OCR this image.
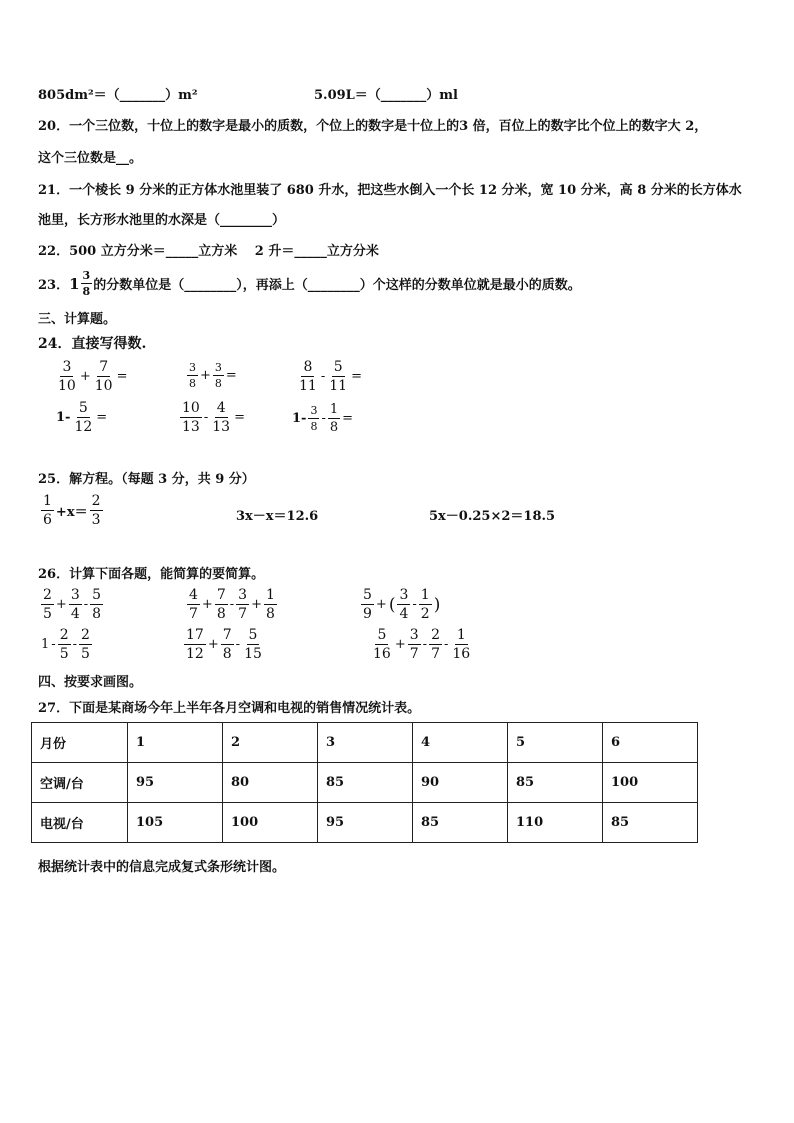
805dm²＝（_______）m²	5.09L＝（_______）ml
20．一个三位数，十位上的数字是最小的质数，个位上的数字是十位上的3 倍，百位上的数字比个位上的数字大 2，
这个三位数是__。
21．一个棱长 9 分米的正方体水池里装了 680 升水，把这些水倒入一个长 12 分米，宽 10 分米，高 8 分米的长方体水
池里，长方形水池里的水深是（________）
22．500 立方分米＝_____立方米　 2 升＝_____立方分米
23． $1 \frac{3}{8}$ 的分数单位是（________），再添上（________）个这样的分数单位就是最小的质数。
三、计算题。
24．直接写得数.
$\frac{3}{10} + \frac{7}{10}$ =	$\frac{3}{8} + \frac{3}{8}$ =	$\frac{8}{11} - \frac{5}{11}$ =
$1- \frac{5}{12}$ =	$\frac{10}{13} - \frac{4}{13}$ =	$1- \frac{3}{8} - \frac{1}{8}$ =
25．解方程。（每题 3 分，共 9 分）
$\frac{1}{6} +x= \frac{2}{3}$	3x－x＝12.6	5x－0.25×2＝18.5
26．计算下面各题，能简算的要简算。
$\frac{2}{5} + \frac{3}{4} - \frac{5}{8}$	$\frac{4}{7} + \frac{7}{8} - \frac{3}{7} + \frac{1}{8}$	$\frac{5}{9}$ + ( $\frac{3}{4} - \frac{1}{2}$ )
$1 - \frac{2}{5} - \frac{2}{5}$	$\frac{17}{12} + \frac{7}{8} - \frac{5}{15}$	$\frac{5}{16} + \frac{3}{7} - \frac{2}{7} - \frac{1}{16}$
四、按要求画图。
27．下面是某商场今年上半年各月空调和电视的销售情况统计表。
月份	1	2	3	4	5	6
空调/台	95	80	85	90	85	100
电视/台	105	100	95	85	110	85
根据统计表中的信息完成复式条形统计图。
